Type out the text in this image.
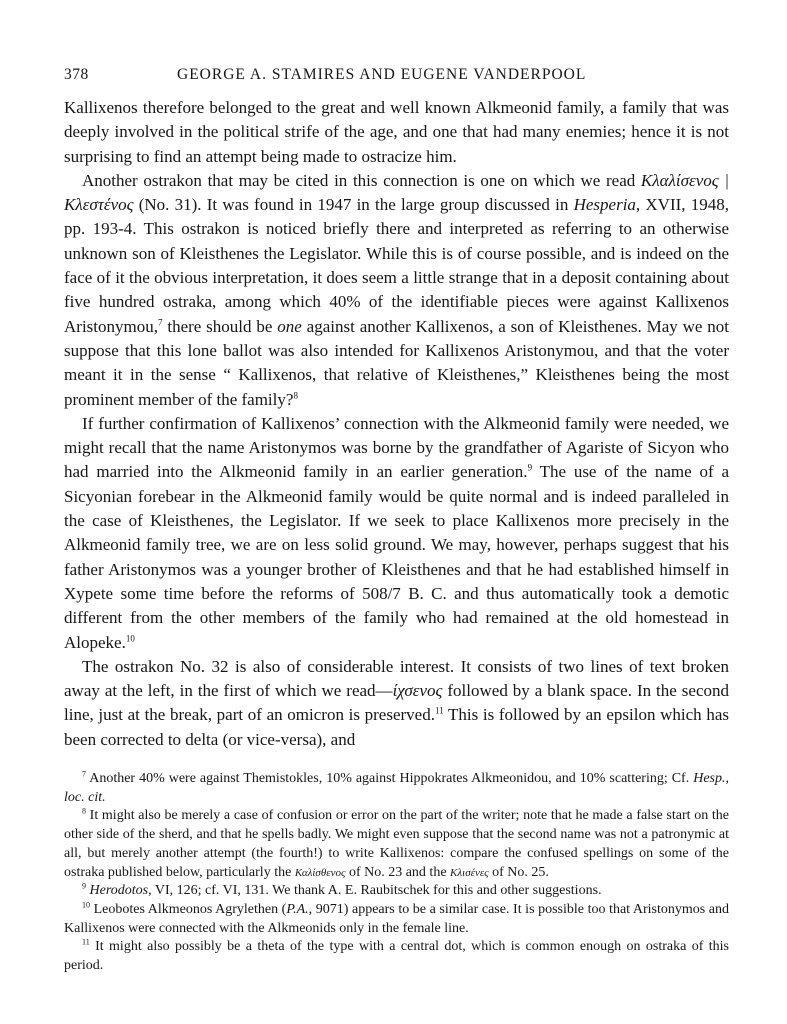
378	GEORGE A. STAMIRES AND EUGENE VANDERPOOL

Kallixenos therefore belonged to the great and well known Alkmeonid family, a family that was deeply involved in the political strife of the age, and one that had many enemies; hence it is not surprising to find an attempt being made to ostracize him.

Another ostrakon that may be cited in this connection is one on which we read Κλαλίσενος | Κλεστένος (No. 31). It was found in 1947 in the large group discussed in Hesperia, XVII, 1948, pp. 193-4. This ostrakon is noticed briefly there and interpreted as referring to an otherwise unknown son of Kleisthenes the Legislator. While this is of course possible, and is indeed on the face of it the obvious interpretation, it does seem a little strange that in a deposit containing about five hundred ostraka, among which 40% of the identifiable pieces were against Kallixenos Aristonymou,$^7$ there should be one against another Kallixenos, a son of Kleisthenes. May we not suppose that this lone ballot was also intended for Kallixenos Aristonymou, and that the voter meant it in the sense “ Kallixenos, that relative of Kleisthenes,” Kleisthenes being the most prominent member of the family?$^8$

If further confirmation of Kallixenos’ connection with the Alkmeonid family were needed, we might recall that the name Aristonymos was borne by the grandfather of Agariste of Sicyon who had married into the Alkmeonid family in an earlier generation.$^9$ The use of the name of a Sicyonian forebear in the Alkmeonid family would be quite normal and is indeed paralleled in the case of Kleisthenes, the Legislator. If we seek to place Kallixenos more precisely in the Alkmeonid family tree, we are on less solid ground. We may, however, perhaps suggest that his father Aristonymos was a younger brother of Kleisthenes and that he had established himself in Xypete some time before the reforms of 508/7 B. C. and thus automatically took a demotic different from the other members of the family who had remained at the old homestead in Alopeke.$^{10}$

The ostrakon No. 32 is also of considerable interest. It consists of two lines of text broken away at the left, in the first of which we read—ίχσενος followed by a blank space. In the second line, just at the break, part of an omicron is preserved.$^{11}$ This is followed by an epsilon which has been corrected to delta (or vice-versa), and

$^7$ Another 40% were against Themistokles, 10% against Hippokrates Alkmeonidou, and 10% scattering; Cf. Hesp., loc. cit.

$^8$ It might also be merely a case of confusion or error on the part of the writer; note that he made a false start on the other side of the sherd, and that he spells badly. We might even suppose that the second name was not a patronymic at all, but merely another attempt (the fourth!) to write Kallixenos: compare the confused spellings on some of the ostraka published below, particularly the Καλίσθενος of No. 23 and the Κλισένες of No. 25.

$^9$ Herodotos, VI, 126; cf. VI, 131. We thank A. E. Raubitschek for this and other suggestions.

$^{10}$ Leobotes Alkmeonos Agrylethen (P.A., 9071) appears to be a similar case. It is possible too that Aristonymos and Kallixenos were connected with the Alkmeonids only in the female line.

$^{11}$ It might also possibly be a theta of the type with a central dot, which is common enough on ostraka of this period.
